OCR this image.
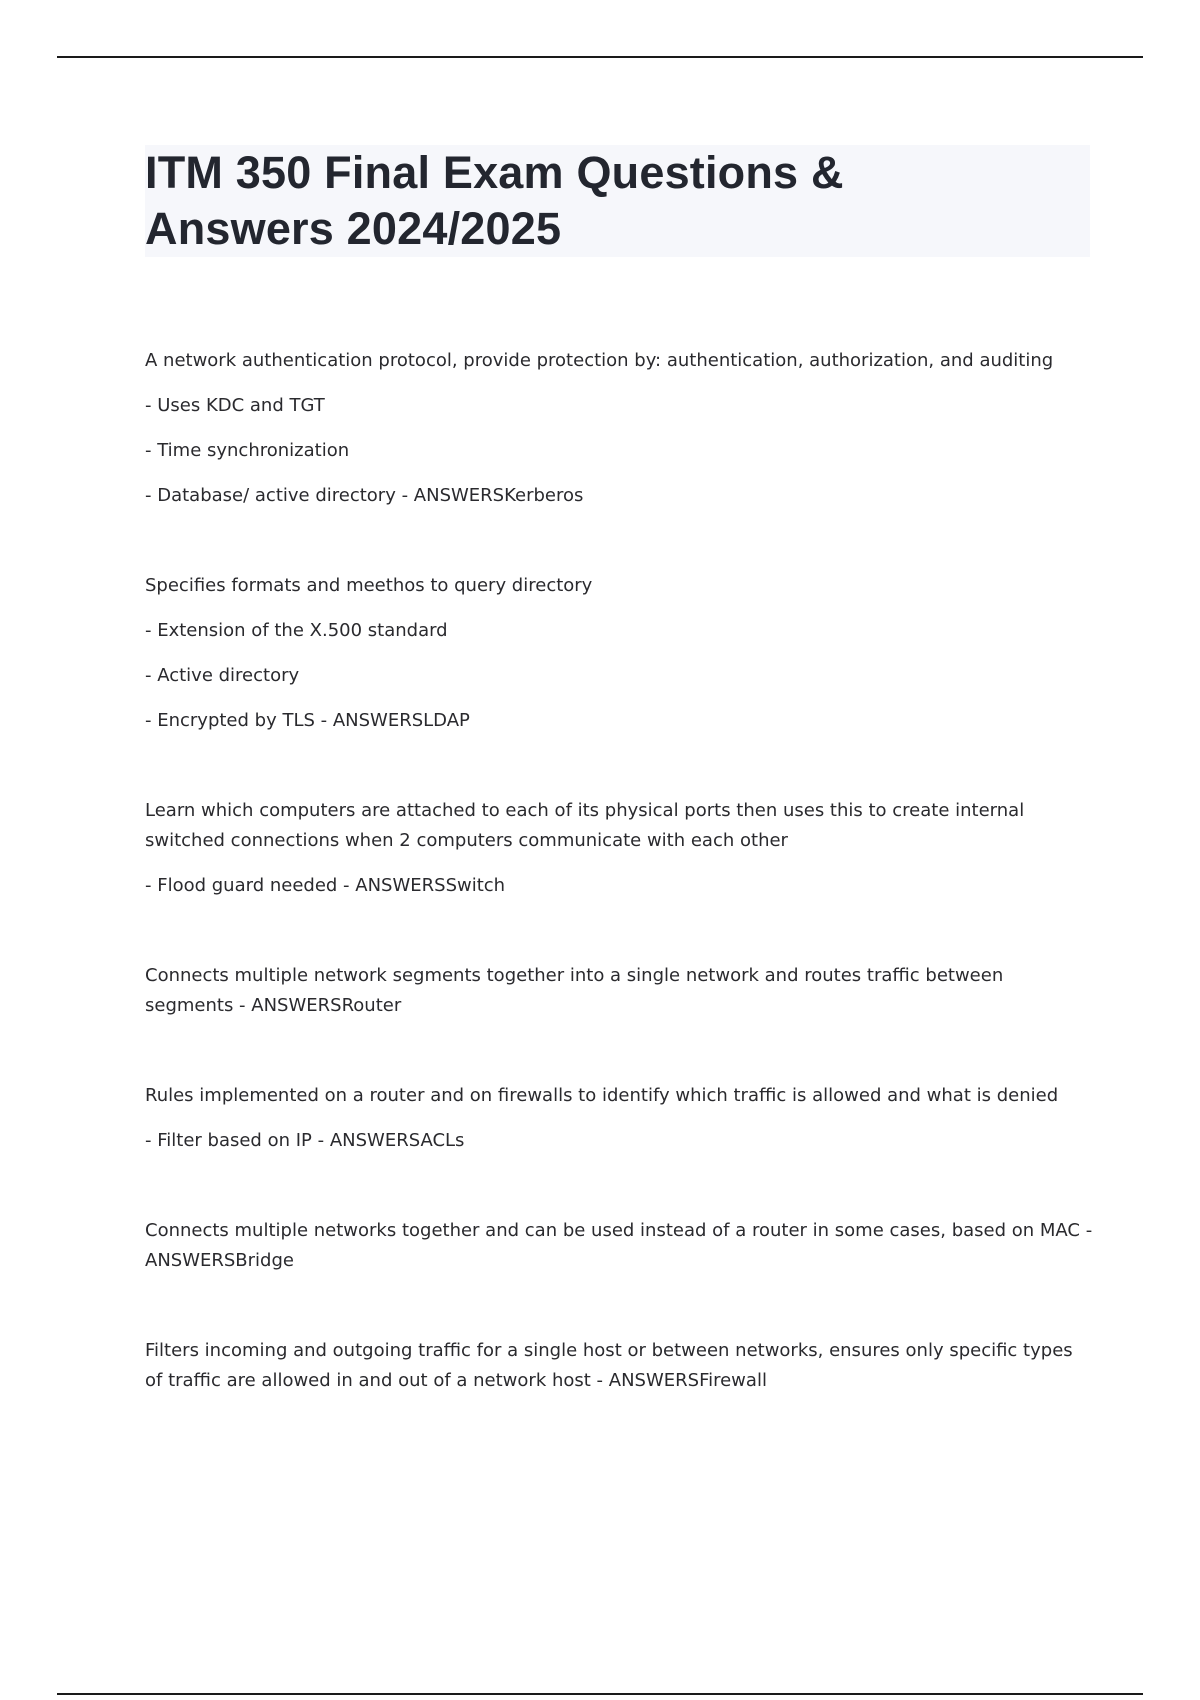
ITM 350 Final Exam Questions &
Answers 2024/2025

A network authentication protocol, provide protection by: authentication, authorization, and auditing

- Uses KDC and TGT

- Time synchronization

- Database/ active directory - ANSWERSKerberos

Specifies formats and meethos to query directory

- Extension of the X.500 standard

- Active directory

- Encrypted by TLS - ANSWERSLDAP

Learn which computers are attached to each of its physical ports then uses this to create internal switched connections when 2 computers communicate with each other

- Flood guard needed - ANSWERSSwitch

Connects multiple network segments together into a single network and routes traffic between segments - ANSWERSRouter

Rules implemented on a router and on firewalls to identify which traffic is allowed and what is denied

- Filter based on IP - ANSWERSACLs

Connects multiple networks together and can be used instead of a router in some cases, based on MAC - ANSWERSBridge

Filters incoming and outgoing traffic for a single host or between networks, ensures only specific types of traffic are allowed in and out of a network host - ANSWERSFirewall
